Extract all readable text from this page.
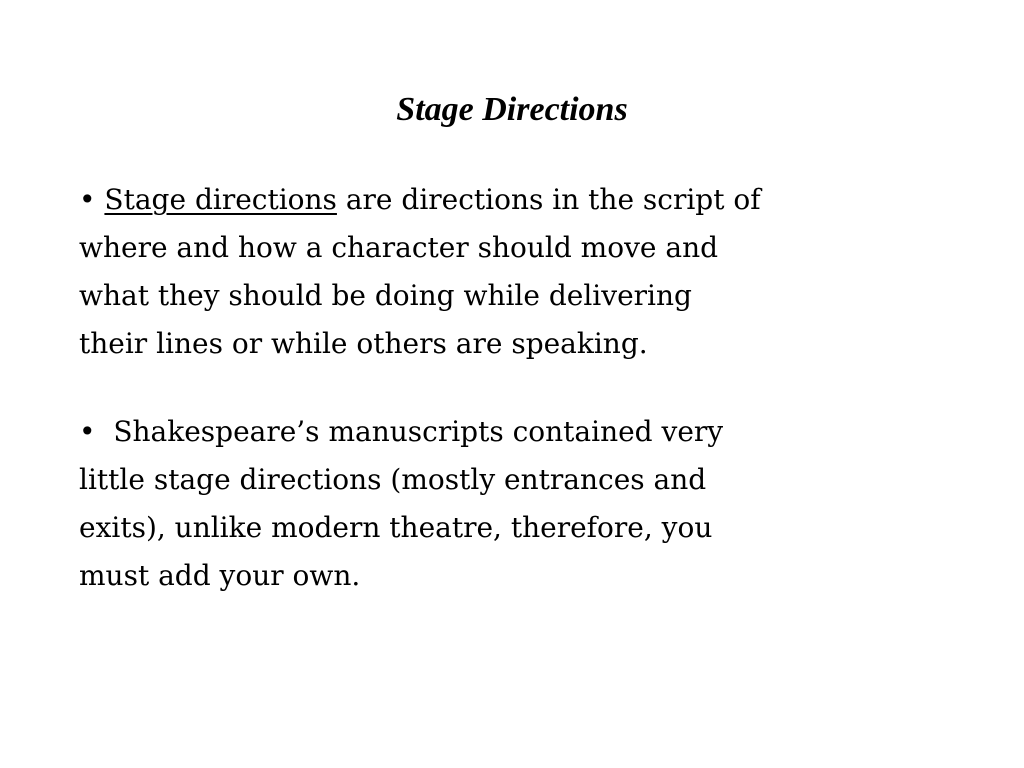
Stage Directions

• Stage directions are directions in the script of
where and how a character should move and
what they should be doing while delivering
their lines or while others are speaking.

• Shakespeare’s manuscripts contained very
little stage directions (mostly entrances and
exits), unlike modern theatre, therefore, you
must add your own.
